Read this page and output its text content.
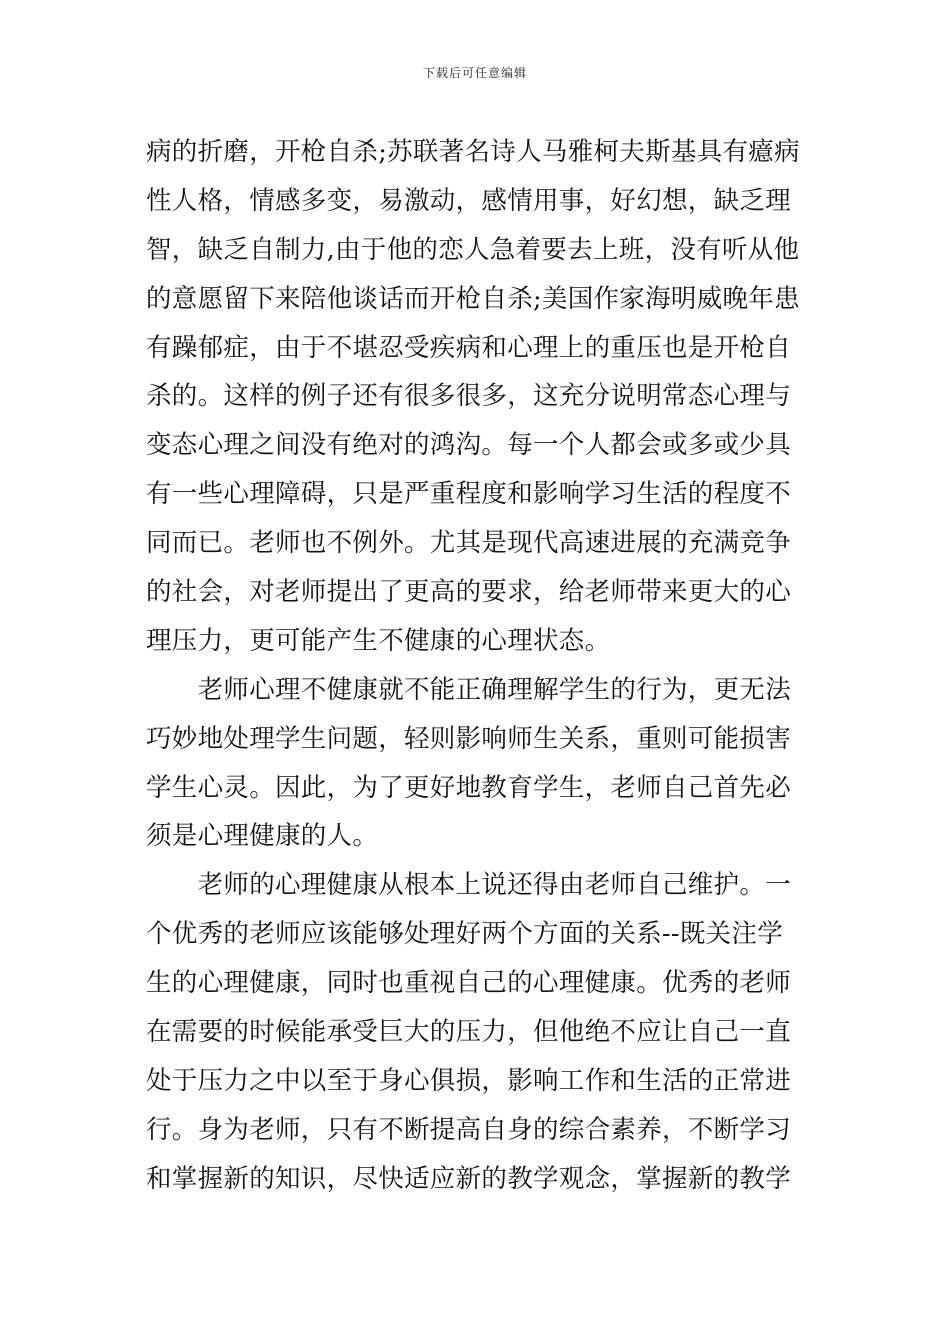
下载后可任意编辑
病的折磨，开枪自杀;苏联著名诗人马雅柯夫斯基具有癔病
性人格，情感多变，易激动，感情用事，好幻想，缺乏理
智，缺乏自制力,由于他的恋人急着要去上班，没有听从他
的意愿留下来陪他谈话而开枪自杀;美国作家海明威晚年患
有躁郁症，由于不堪忍受疾病和心理上的重压也是开枪自
杀的。这样的例子还有很多很多，这充分说明常态心理与
变态心理之间没有绝对的鸿沟。每一个人都会或多或少具
有一些心理障碍，只是严重程度和影响学习生活的程度不
同而已。老师也不例外。尤其是现代高速进展的充满竞争
的社会，对老师提出了更高的要求，给老师带来更大的心
理压力，更可能产生不健康的心理状态。
　　老师心理不健康就不能正确理解学生的行为，更无法
巧妙地处理学生问题，轻则影响师生关系，重则可能损害
学生心灵。因此，为了更好地教育学生，老师自己首先必
须是心理健康的人。
　　老师的心理健康从根本上说还得由老师自己维护。一
个优秀的老师应该能够处理好两个方面的关系--既关注学
生的心理健康，同时也重视自己的心理健康。优秀的老师
在需要的时候能承受巨大的压力，但他绝不应让自己一直
处于压力之中以至于身心俱损，影响工作和生活的正常进
行。身为老师，只有不断提高自身的综合素养，不断学习
和掌握新的知识，尽快适应新的教学观念，掌握新的教学
